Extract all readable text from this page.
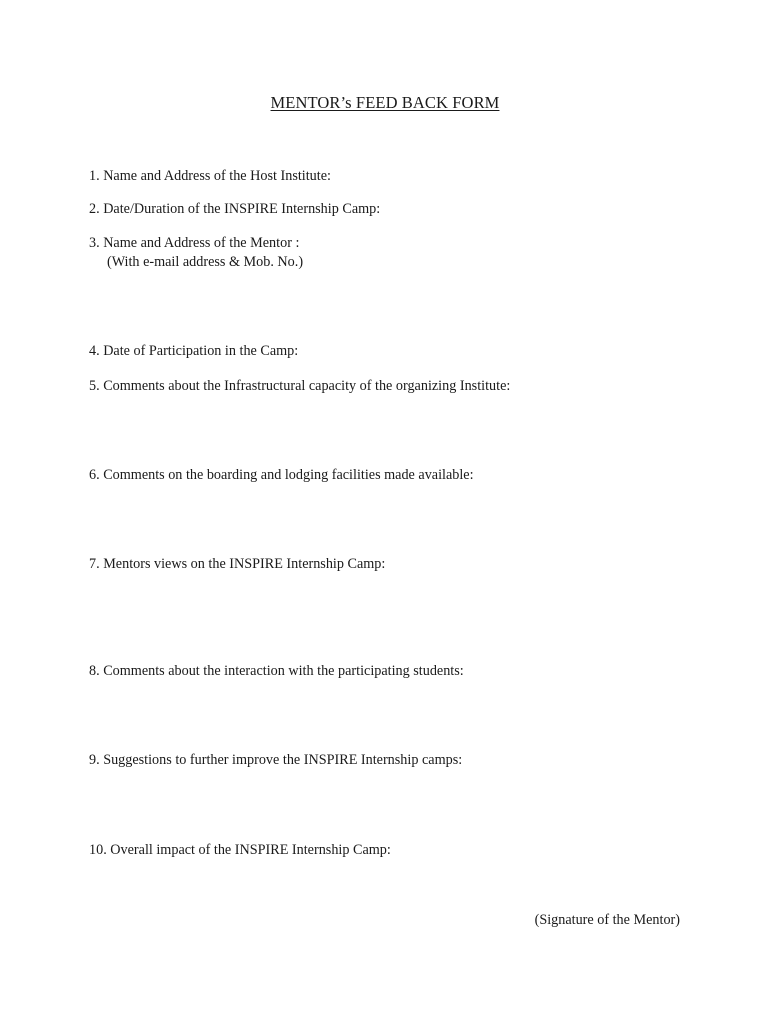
MENTOR’s FEED BACK FORM
1. Name and Address of the Host Institute:
2. Date/Duration of the INSPIRE Internship Camp:
3. Name and Address of the Mentor :
(With e-mail address & Mob. No.)
4. Date of Participation in the Camp:
5. Comments about the Infrastructural capacity of the organizing Institute:
6. Comments on the boarding and lodging facilities made available:
7. Mentors views on the INSPIRE Internship Camp:
8. Comments about the interaction with the participating students:
9. Suggestions to further improve the INSPIRE Internship camps:
10. Overall impact of the INSPIRE Internship Camp:
(Signature of the Mentor)
